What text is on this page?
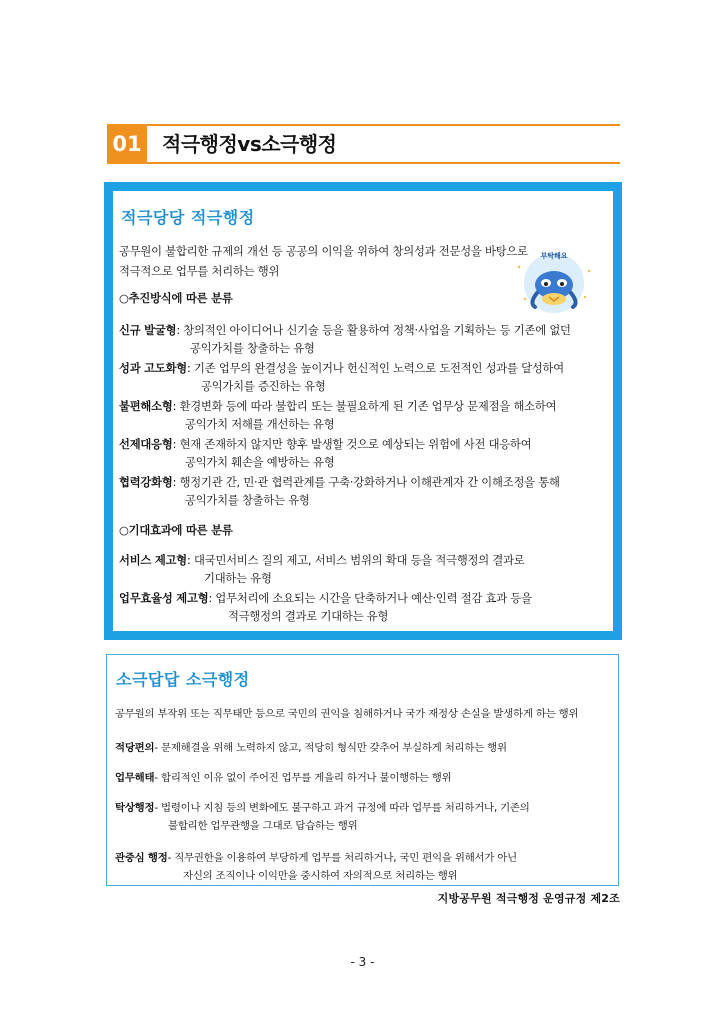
01 적극행정vs소극행정
적극당당 적극행정
공무원이 불합리한 규제의 개선 등 공공의 이익을 위하여 창의성과 전문성을 바탕으로
적극적으로 업무를 처리하는 행위
부탁해요
○추진방식에 따른 분류
신규 발굴형: 창의적인 아이디어나 신기술 등을 활용하여 정책·사업을 기획하는 등 기존에 없던
공익가치를 창출하는 유형
성과 고도화형: 기존 업무의 완결성을 높이거나 헌신적인 노력으로 도전적인 성과를 달성하여
공익가치를 증진하는 유형
불편해소형: 환경변화 등에 따라 불합리 또는 불필요하게 된 기존 업무상 문제점을 해소하여
공익가치 저해를 개선하는 유형
선제대응형: 현재 존재하지 않지만 향후 발생할 것으로 예상되는 위험에 사전 대응하여
공익가치 훼손을 예방하는 유형
협력강화형: 행정기관 간, 민·관 협력관계를 구축·강화하거나 이해관계자 간 이해조정을 통해
공익가치를 창출하는 유형
○기대효과에 따른 분류
서비스 제고형: 대국민서비스 질의 제고, 서비스 범위의 확대 등을 적극행정의 결과로
기대하는 유형
업무효율성 제고형: 업무처리에 소요되는 시간을 단축하거나 예산·인력 절감 효과 등을
적극행정의 결과로 기대하는 유형
소극답답 소극행정
공무원의 부작위 또는 직무태만 등으로 국민의 권익을 침해하거나 국가 재정상 손실을 발생하게 하는 행위
적당편의- 문제해결을 위해 노력하지 않고, 적당히 형식만 갖추어 부실하게 처리하는 행위
업무해태- 합리적인 이유 없이 주어진 업무를 게을리 하거나 불이행하는 행위
탁상행정- 법령이나 지침 등의 변화에도 불구하고 과거 규정에 따라 업무를 처리하거나, 기존의
불합리한 업무관행을 그대로 답습하는 행위
관중심 행정- 직무권한을 이용하여 부당하게 업무를 처리하거나, 국민 편익을 위해서가 아닌
자신의 조직이나 이익만을 중시하여 자의적으로 처리하는 행위
지방공무원 적극행정 운영규정 제2조
- 3 -
